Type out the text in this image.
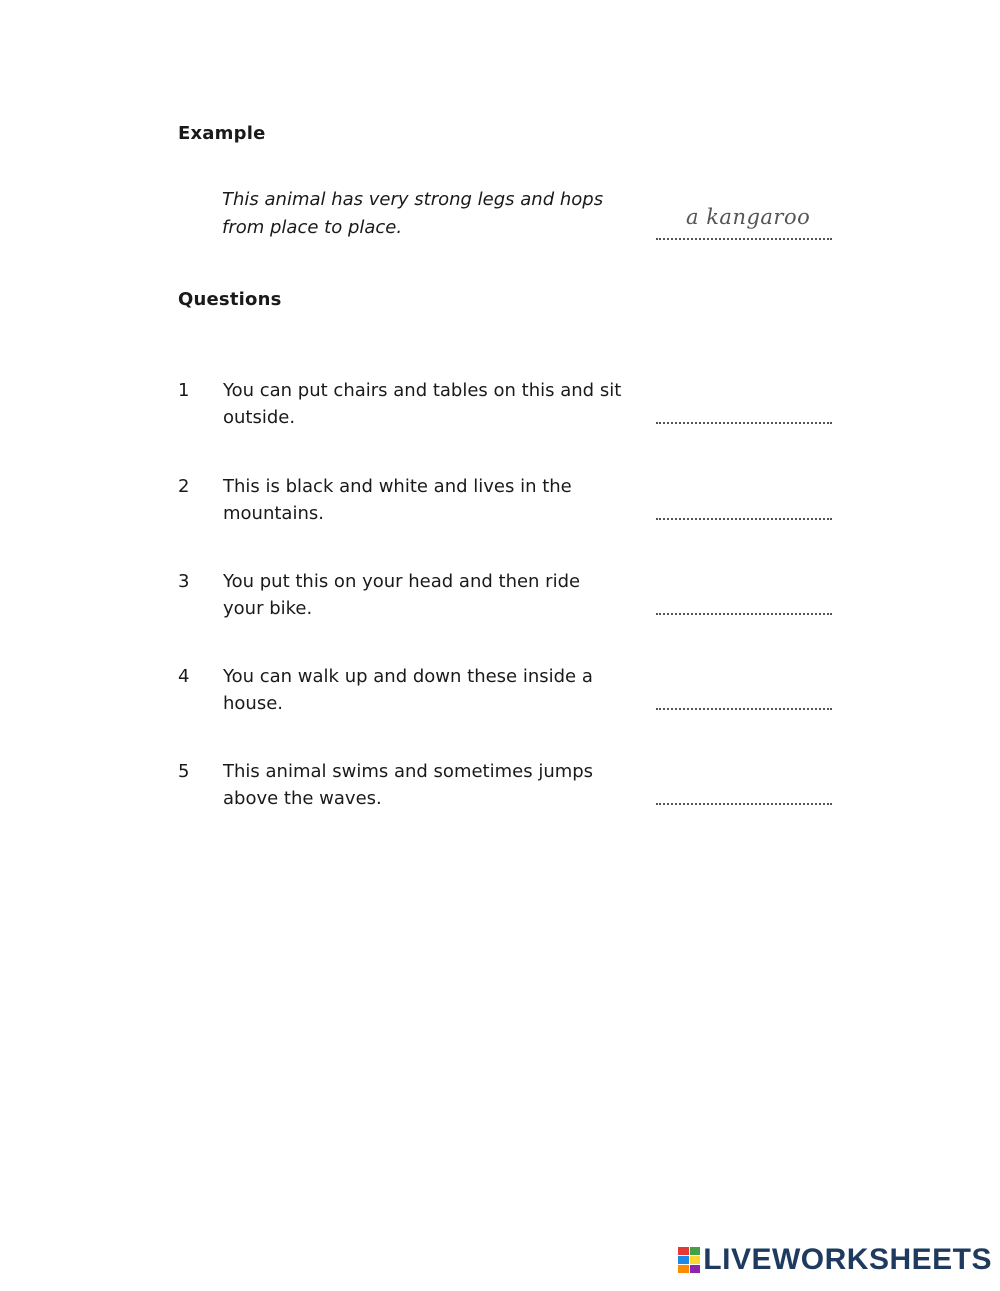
Example
This animal has very strong legs and hops from place to place.	a kangaroo
Questions
1 You can put chairs and tables on this and sit outside.
2 This is black and white and lives in the mountains.
3 You put this on your head and then ride your bike.
4 You can walk up and down these inside a house.
5 This animal swims and sometimes jumps above the waves.
LIVEWORKSHEETS
